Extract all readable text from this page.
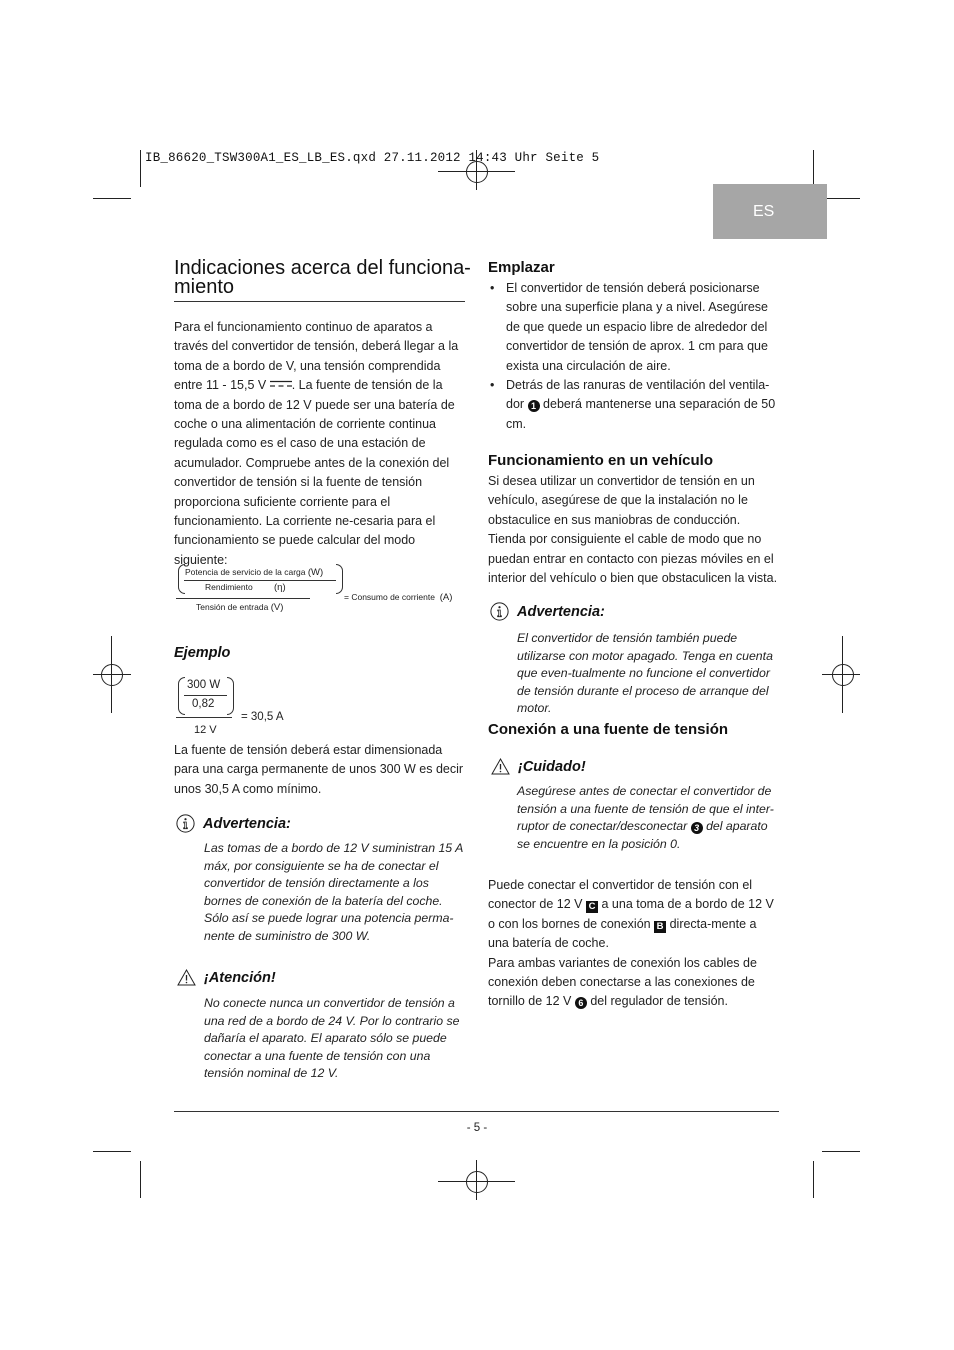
IB_86620_TSW300A1_ES_LB_ES.qxd 27.11.2012 14:43 Uhr Seite 5
ES
Indicaciones acerca del funciona-
miento
Para el funcionamiento continuo de aparatos a través del convertidor de tensión, deberá llegar a la toma de a bordo de V, una tensión comprendida entre 11 - 15,5 V . La fuente de tensión de la toma de a bordo de 12 V puede ser una batería de coche o una alimentación de corriente continua regulada como es el caso de una estación de acumulador. Compruebe antes de la conexión del convertidor de tensión si la fuente de tensión proporciona suficiente corriente para el funcionamiento. La corriente ne-cesaria para el funcionamiento se puede calcular del modo siguiente:
Potencia de servicio de la carga (W)
Rendimiento (η)
Tensión de entrada (V)
= Consumo de corriente (A)
Ejemplo
300 W
0,82
12 V
= 30,5 A
La fuente de tensión deberá estar dimensionada para una carga permanente de unos 300 W es decir unos 30,5 A como mínimo.
Advertencia:
Las tomas de a bordo de 12 V suministran 15 A máx, por consiguiente se ha de conectar el convertidor de tensión directamente a los bornes de conexión de la batería del coche. Sólo así se puede lograr una potencia perma-nente de suministro de 300 W.
¡Atención!
No conecte nunca un convertidor de tensión a una red de a bordo de 24 V. Por lo contrario se dañaría el aparato. El aparato sólo se puede conectar a una fuente de tensión con una tensión nominal de 12 V.
Emplazar
• El convertidor de tensión deberá posicionarse sobre una superficie plana y a nivel. Asegúrese de que quede un espacio libre de alrededor del convertidor de tensión de aprox. 1 cm para que exista una circulación de aire.
• Detrás de las ranuras de ventilación del ventila-dor 1 deberá mantenerse una separación de 50 cm.
Funcionamiento en un vehículo
Si desea utilizar un convertidor de tensión en un vehículo, asegúrese de que la instalación no le obstaculice en sus maniobras de conducción. Tienda por consiguiente el cable de modo que no puedan entrar en contacto con piezas móviles en el interior del vehículo o bien que obstaculicen la vista.
Advertencia:
El convertidor de tensión también puede utilizarse con motor apagado. Tenga en cuenta que even-tualmente no funcione el convertidor de tensión durante el proceso de arranque del motor.
Conexión a una fuente de tensión
¡Cuidado!
Asegúrese antes de conectar el convertidor de tensión a una fuente de tensión de que el inter-ruptor de conectar/desconectar 3 del aparato se encuentre en la posición 0.
Puede conectar el convertidor de tensión con el conector de 12 V C a una toma de a bordo de 12 V o con los bornes de conexión B directa-mente a una batería de coche.
Para ambas variantes de conexión los cables de conexión deben conectarse a las conexiones de tornillo de 12 V 6 del regulador de tensión.
- 5 -
